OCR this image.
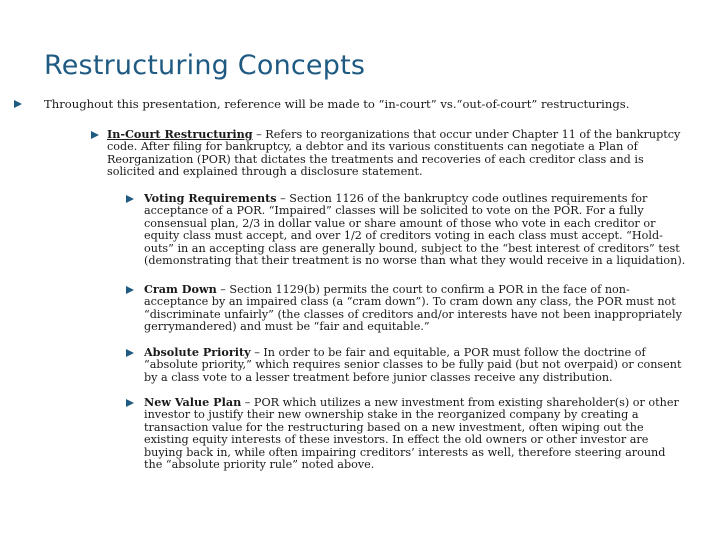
Restructuring Concepts
Throughout this presentation, reference will be made to “in-court” vs.“out-of-court” restructurings.
In-Court Restructuring – Refers to reorganizations that occur under Chapter 11 of the bankruptcy code. After filing for bankruptcy, a debtor and its various constituents can negotiate a Plan of Reorganization (POR) that dictates the treatments and recoveries of each creditor class and is solicited and explained through a disclosure statement.
Voting Requirements – Section 1126 of the bankruptcy code outlines requirements for acceptance of a POR. “Impaired” classes will be solicited to vote on the POR. For a fully consensual plan, 2/3 in dollar value or share amount of those who vote in each creditor or equity class must accept, and over 1/2 of creditors voting in each class must accept. “Hold-outs” in an accepting class are generally bound, subject to the “best interest of creditors” test (demonstrating that their treatment is no worse than what they would receive in a liquidation).
Cram Down – Section 1129(b) permits the court to confirm a POR in the face of non-acceptance by an impaired class (a “cram down”). To cram down any class, the POR must not “discriminate unfairly” (the classes of creditors and/or interests have not been inappropriately gerrymandered) and must be “fair and equitable.”
Absolute Priority – In order to be fair and equitable, a POR must follow the doctrine of “absolute priority,” which requires senior classes to be fully paid (but not overpaid) or consent by a class vote to a lesser treatment before junior classes receive any distribution.
New Value Plan – POR which utilizes a new investment from existing shareholder(s) or other investor to justify their new ownership stake in the reorganized company by creating a transaction value for the restructuring based on a new investment, often wiping out the existing equity interests of these investors. In effect the old owners or other investor are buying back in, while often impairing creditors’ interests as well, therefore steering around the “absolute priority rule” noted above.
